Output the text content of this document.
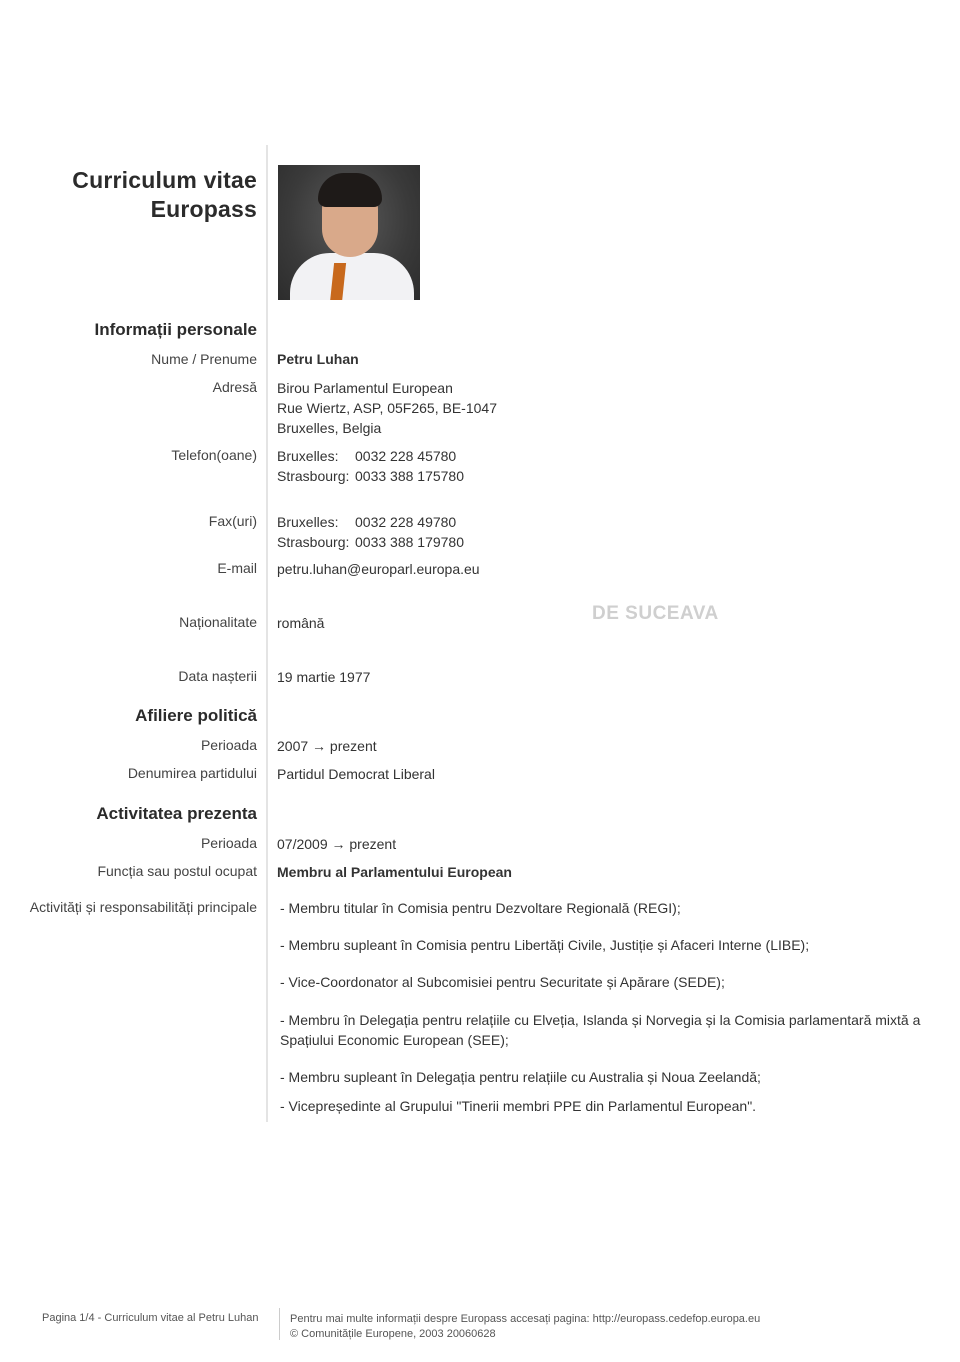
Curriculum vitae
Europass
Informații personale
Nume / Prenume Petru Luhan
Adresă Birou Parlamentul European
Rue Wiertz, ASP, 05F265, BE-1047
Bruxelles, Belgia
Telefon(oane) Bruxelles: 0032 228 45780
Strasbourg: 0033 388 175780
Fax(uri) Bruxelles: 0032 228 49780
Strasbourg: 0033 388 179780
E-mail petru.luhan@europarl.europa.eu
Naționalitate română	DE SUCEAVA
Data nașterii 19 martie 1977
Afiliere politică
Perioada 2007 → prezent
Denumirea partidului Partidul Democrat Liberal
Activitatea prezenta
Perioada 07/2009 → prezent
Funcția sau postul ocupat Membru al Parlamentului European
Activități și responsabilități principale - Membru titular în Comisia pentru Dezvoltare Regională (REGI);
- Membru supleant în Comisia pentru Libertăți Civile, Justiție și Afaceri Interne (LIBE);
- Vice-Coordonator al Subcomisiei pentru Securitate și Apărare (SEDE);
- Membru în Delegația pentru relațiile cu Elveția, Islanda și Norvegia și la Comisia parlamentară mixtă a Spațiului Economic European (SEE);
- Membru supleant în Delegația pentru relațiile cu Australia și Noua Zeelandă;
- Vicepreședinte al Grupului "Tinerii membri PPE din Parlamentul European".
Pagina 1/4 - Curriculum vitae al Petru Luhan	Pentru mai multe informații despre Europass accesați pagina: http://europass.cedefop.europa.eu
© Comunitățile Europene, 2003 20060628
